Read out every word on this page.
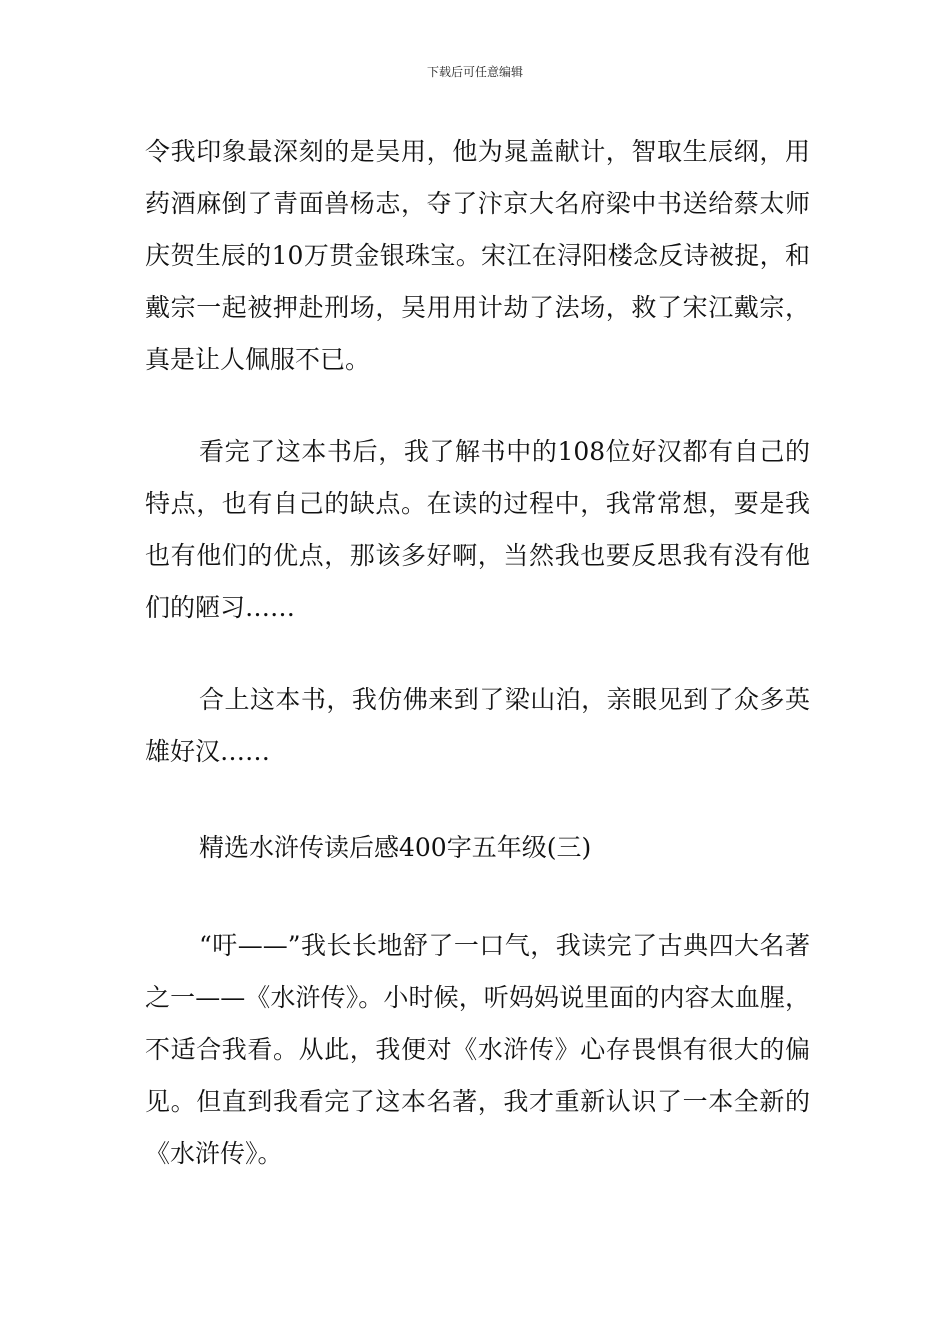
下载后可任意编辑
令我印象最深刻的是吴用，他为晁盖献计，智取生辰纲，用药酒麻倒了青面兽杨志，夺了汴京大名府梁中书送给蔡太师庆贺生辰的10万贯金银珠宝。宋江在浔阳楼念反诗被捉，和戴宗一起被押赴刑场，吴用用计劫了法场，救了宋江戴宗，真是让人佩服不已。
看完了这本书后，我了解书中的108位好汉都有自己的特点，也有自己的缺点。在读的过程中，我常常想，要是我也有他们的优点，那该多好啊，当然我也要反思我有没有他们的陋习……
合上这本书，我仿佛来到了梁山泊，亲眼见到了众多英雄好汉……
精选水浒传读后感400字五年级(三)
“吁——”我长长地舒了一口气，我读完了古典四大名著之一——《水浒传》。小时候，听妈妈说里面的内容太血腥，不适合我看。从此，我便对《水浒传》心存畏惧有很大的偏见。但直到我看完了这本名著，我才重新认识了一本全新的《水浒传》。
